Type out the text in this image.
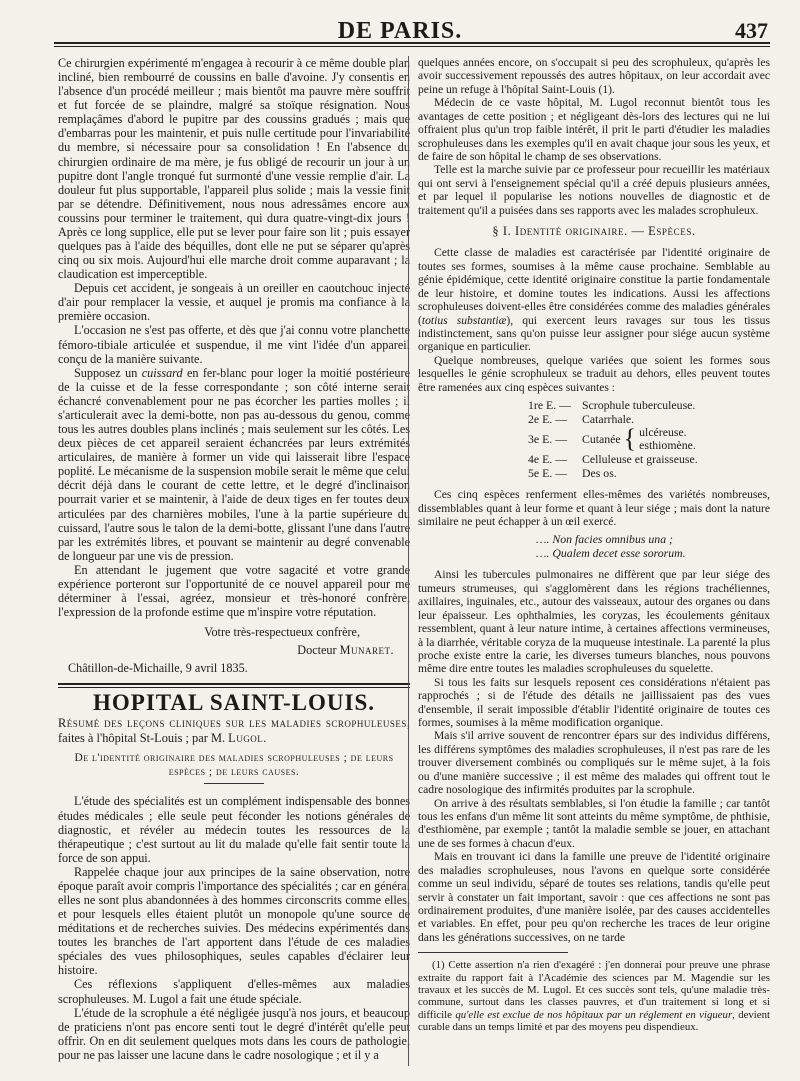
DE PARIS.	437

Ce chirurgien expérimenté m'engagea à recourir à ce même double plan incliné, bien rembourré de coussins en balle d'avoine. J'y consentis en l'absence d'un procédé meilleur ; mais bientôt ma pauvre mère souffrit et fut forcée de se plaindre, malgré sa stoïque résignation. Nous remplaçâmes d'abord le pupitre par des coussins gradués ; mais que d'embarras pour les maintenir, et puis nulle certitude pour l'invariabilité du membre, si nécessaire pour sa consolidation ! En l'absence du chirurgien ordinaire de ma mère, je fus obligé de recourir un jour à un pupitre dont l'angle tronqué fut surmonté d'une vessie remplie d'air. La douleur fut plus supportable, l'appareil plus solide ; mais la vessie finit par se détendre. Définitivement, nous nous adressâmes encore aux coussins pour terminer le traitement, qui dura quatre-vingt-dix jours ! Après ce long supplice, elle put se lever pour faire son lit ; puis essayer quelques pas à l'aide des béquilles, dont elle ne put se séparer qu'après cinq ou six mois. Aujourd'hui elle marche droit comme auparavant ; la claudication est imperceptible.

Depuis cet accident, je songeais à un oreiller en caoutchouc injecté d'air pour remplacer la vessie, et auquel je promis ma confiance à la première occasion.

L'occasion ne s'est pas offerte, et dès que j'ai connu votre planchette fémoro-tibiale articulée et suspendue, il me vint l'idée d'un appareil conçu de la manière suivante.

Supposez un cuissard en fer-blanc pour loger la moitié postérieure de la cuisse et de la fesse correspondante ; son côté interne serait échancré convenablement pour ne pas écorcher les parties molles ; il s'articulerait avec la demi-botte, non pas au-dessous du genou, comme tous les autres doubles plans inclinés ; mais seulement sur les côtés. Les deux pièces de cet appareil seraient échancrées par leurs extrémités articulaires, de manière à former un vide qui laisserait libre l'espace poplité. Le mécanisme de la suspension mobile serait le même que celui décrit déjà dans le courant de cette lettre, et le degré d'inclinaison pourrait varier et se maintenir, à l'aide de deux tiges en fer toutes deux articulées par des charnières mobiles, l'une à la partie supérieure du cuissard, l'autre sous le talon de la demi-botte, glissant l'une dans l'autre par les extrémités libres, et pouvant se maintenir au degré convenable de longueur par une vis de pression.

En attendant le jugement que votre sagacité et votre grande expérience porteront sur l'opportunité de ce nouvel appareil pour me déterminer à l'essai, agréez, monsieur et très-honoré confrère, l'expression de la profonde estime que m'inspire votre réputation.

Votre très-respectueux confrère,

Docteur Munaret.

Châtillon-de-Michaille, 9 avril 1835.

HOPITAL SAINT-LOUIS.

Résumé des leçons cliniques sur les maladies scrophuleuses, faites à l'hôpital St-Louis ; par M. Lugol.

De l'identité originaire des maladies scrophuleuses ; de leurs espèces ; de leurs causes.

L'étude des spécialités est un complément indispensable des bonnes études médicales ; elle seule peut féconder les notions générales de diagnostic, et révéler au médecin toutes les ressources de la thérapeutique ; c'est surtout au lit du malade qu'elle fait sentir toute la force de son appui.

Rappelée chaque jour aux principes de la saine observation, notre époque paraît avoir compris l'importance des spécialités ; car en général elles ne sont plus abandonnées à des hommes circonscrits comme elles, et pour lesquels elles étaient plutôt un monopole qu'une source de méditations et de recherches suivies. Des médecins expérimentés dans toutes les branches de l'art apportent dans l'étude de ces maladies spéciales des vues philosophiques, seules capables d'éclairer leur histoire.

Ces réflexions s'appliquent d'elles-mêmes aux maladies scrophuleuses. M. Lugol a fait une étude spéciale.

L'étude de la scrophule a été négligée jusqu'à nos jours, et beaucoup de praticiens n'ont pas encore senti tout le degré d'intérêt qu'elle peut offrir. On en dit seulement quelques mots dans les cours de pathologie, pour ne pas laisser une lacune dans le cadre nosologique ; et il y a

quelques années encore, on s'occupait si peu des scrophuleux, qu'après les avoir successivement repoussés des autres hôpitaux, on leur accordait avec peine un refuge à l'hôpital Saint-Louis (1).

Médecin de ce vaste hôpital, M. Lugol reconnut bientôt tous les avantages de cette position ; et négligeant dès-lors des lectures qui ne lui offraient plus qu'un trop faible intérêt, il prit le parti d'étudier les maladies scrophuleuses dans les exemples qu'il en avait chaque jour sous les yeux, et de faire de son hôpital le champ de ses observations.

Telle est la marche suivie par ce professeur pour recueillir les matériaux qui ont servi à l'enseignement spécial qu'il a créé depuis plusieurs années, et par lequel il popularise les notions nouvelles de diagnostic et de traitement qu'il a puisées dans ses rapports avec les malades scrophuleux.

§ I. Identité originaire. — Espèces.

Cette classe de maladies est caractérisée par l'identité originaire de toutes ses formes, soumises à la même cause prochaine. Semblable au génie épidémique, cette identité originaire constitue la partie fondamentale de leur histoire, et domine toutes les indications. Aussi les affections scrophuleuses doivent-elles être considérées comme des maladies générales (totius substantiæ), qui exercent leurs ravages sur tous les tissus indistinctement, sans qu'on puisse leur assigner pour siége aucun système organique en particulier.

Quelque nombreuses, quelque variées que soient les formes sous lesquelles le génie scrophuleux se traduit au dehors, elles peuvent toutes être ramenées aux cinq espèces suivantes :

1re E. — Scrophule tuberculeuse.
2e E. —	Catarrhale.
3e E. —	Cutanée { ulcéreuse.
esthiomène.
4e E. —	Celluleuse et graisseuse.
5e E. —	Des os.

Ces cinq espèces renferment elles-mêmes des variétés nombreuses, dissemblables quant à leur forme et quant à leur siége ; mais dont la nature similaire ne peut échapper à un œil exercé.

…. Non facies omnibus una ;
…. Qualem decet esse sororum.

Ainsi les tubercules pulmonaires ne diffèrent que par leur siége des tumeurs strumeuses, qui s'agglomèrent dans les régions trachéliennes, axillaires, inguinales, etc., autour des vaisseaux, autour des organes ou dans leur épaisseur. Les ophthalmies, les coryzas, les écoulements génitaux ressemblent, quant à leur nature intime, à certaines affections vermineuses, à la diarrhée, véritable coryza de la muqueuse intestinale. La parenté la plus proche existe entre la carie, les diverses tumeurs blanches, nous pouvons même dire entre toutes les maladies scrophuleuses du squelette.

Si tous les faits sur lesquels reposent ces considérations n'étaient pas rapprochés ; si de l'étude des détails ne jaillissaient pas des vues d'ensemble, il serait impossible d'établir l'identité originaire de toutes ces formes, soumises à la même modification organique.

Mais s'il arrive souvent de rencontrer épars sur des individus différens, les différens symptômes des maladies scrophuleuses, il n'est pas rare de les trouver diversement combinés ou compliqués sur le même sujet, à la fois ou d'une manière successive ; il est même des malades qui offrent tout le cadre nosologique des infirmités produites par la scrophule.

On arrive à des résultats semblables, si l'on étudie la famille ; car tantôt tous les enfans d'un même lit sont atteints du même symptôme, de phthisie, d'esthiomène, par exemple ; tantôt la maladie semble se jouer, en attachant une de ses formes à chacun d'eux.

Mais en trouvant ici dans la famille une preuve de l'identité originaire des maladies scrophuleuses, nous l'avons en quelque sorte considérée comme un seul individu, séparé de toutes ses relations, tandis qu'elle peut servir à constater un fait important, savoir : que ces affections ne sont pas ordinairement produites, d'une manière isolée, par des causes accidentelles et variables. En effet, pour peu qu'on recherche les traces de leur origine dans les générations successives, on ne tarde

(1) Cette assertion n'a rien d'exagéré : j'en donnerai pour preuve une phrase extraite du rapport fait à l'Académie des sciences par M. Magendie sur les travaux et les succès de M. Lugol. Et ces succès sont tels, qu'une maladie très-commune, surtout dans les classes pauvres, et d'un traitement si long et si difficile qu'elle est exclue de nos hôpitaux par un réglement en vigueur, devient curable dans un temps limité et par des moyens peu dispendieux.
